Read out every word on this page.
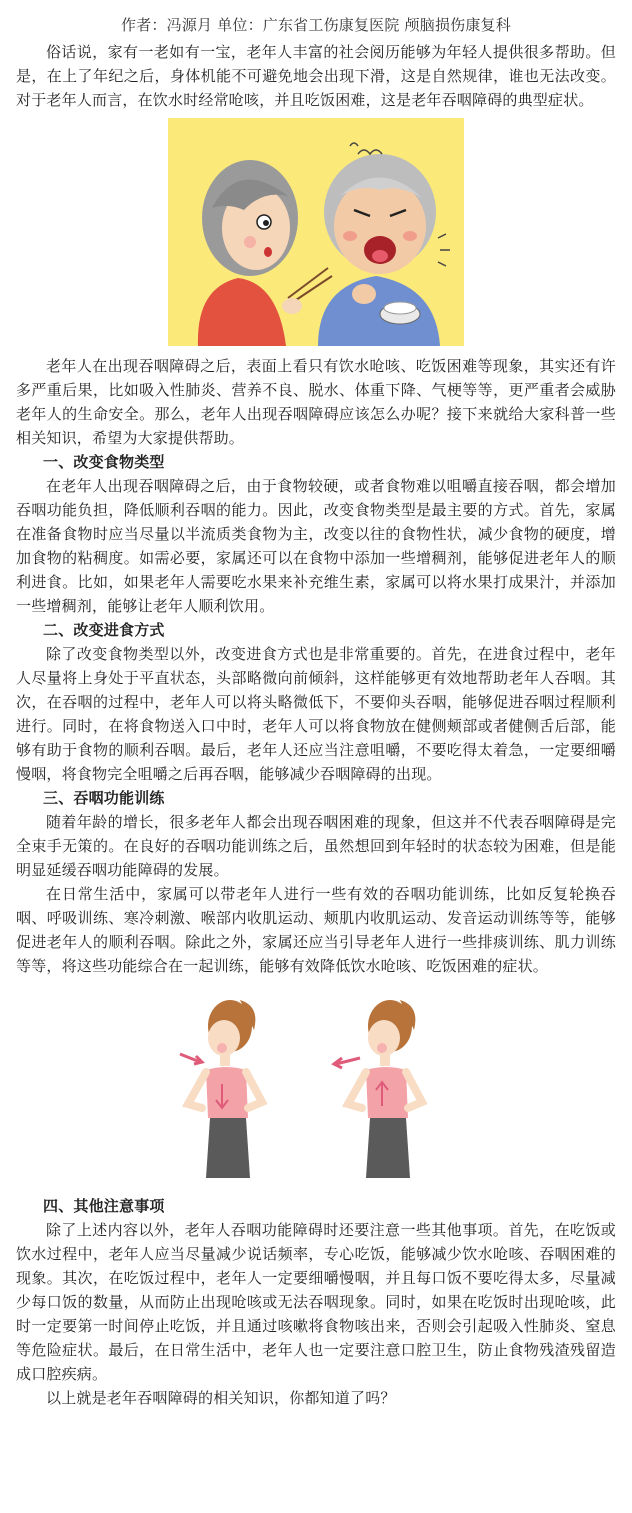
作者：冯源月 单位：广东省工伤康复医院 颅脑损伤康复科

俗话说，家有一老如有一宝，老年人丰富的社会阅历能够为年轻人提供很多帮助。但是，在上了年纪之后，身体机能不可避免地会出现下滑，这是自然规律，谁也无法改变。对于老年人而言，在饮水时经常呛咳，并且吃饭困难，这是老年吞咽障碍的典型症状。

老年人在出现吞咽障碍之后，表面上看只有饮水呛咳、吃饭困难等现象，其实还有许多严重后果，比如吸入性肺炎、营养不良、脱水、体重下降、气梗等等，更严重者会威胁老年人的生命安全。那么，老年人出现吞咽障碍应该怎么办呢？接下来就给大家科普一些相关知识，希望为大家提供帮助。

一、改变食物类型

在老年人出现吞咽障碍之后，由于食物较硬，或者食物难以咀嚼直接吞咽，都会增加吞咽功能负担，降低顺利吞咽的能力。因此，改变食物类型是最主要的方式。首先，家属在准备食物时应当尽量以半流质类食物为主，改变以往的食物性状，减少食物的硬度，增加食物的粘稠度。如需必要，家属还可以在食物中添加一些增稠剂，能够促进老年人的顺利进食。比如，如果老年人需要吃水果来补充维生素，家属可以将水果打成果汁，并添加一些增稠剂，能够让老年人顺利饮用。

二、改变进食方式

除了改变食物类型以外，改变进食方式也是非常重要的。首先，在进食过程中，老年人尽量将上身处于平直状态，头部略微向前倾斜，这样能够更有效地帮助老年人吞咽。其次，在吞咽的过程中，老年人可以将头略微低下，不要仰头吞咽，能够促进吞咽过程顺利进行。同时，在将食物送入口中时，老年人可以将食物放在健侧颊部或者健侧舌后部，能够有助于食物的顺利吞咽。最后，老年人还应当注意咀嚼，不要吃得太着急，一定要细嚼慢咽，将食物完全咀嚼之后再吞咽，能够减少吞咽障碍的出现。

三、吞咽功能训练

随着年龄的增长，很多老年人都会出现吞咽困难的现象，但这并不代表吞咽障碍是完全束手无策的。在良好的吞咽功能训练之后，虽然想回到年轻时的状态较为困难，但是能明显延缓吞咽功能障碍的发展。

在日常生活中，家属可以带老年人进行一些有效的吞咽功能训练，比如反复轮换吞咽、呼吸训练、寒冷刺激、喉部内收肌运动、颊肌内收肌运动、发音运动训练等等，能够促进老年人的顺利吞咽。除此之外，家属还应当引导老年人进行一些排痰训练、肌力训练等等，将这些功能综合在一起训练，能够有效降低饮水呛咳、吃饭困难的症状。

四、其他注意事项

除了上述内容以外，老年人吞咽功能障碍时还要注意一些其他事项。首先，在吃饭或饮水过程中，老年人应当尽量减少说话频率，专心吃饭，能够减少饮水呛咳、吞咽困难的现象。其次，在吃饭过程中，老年人一定要细嚼慢咽，并且每口饭不要吃得太多，尽量减少每口饭的数量，从而防止出现呛咳或无法吞咽现象。同时，如果在吃饭时出现呛咳，此时一定要第一时间停止吃饭，并且通过咳嗽将食物咳出来，否则会引起吸入性肺炎、窒息等危险症状。最后，在日常生活中，老年人也一定要注意口腔卫生，防止食物残渣残留造成口腔疾病。

以上就是老年吞咽障碍的相关知识，你都知道了吗？
